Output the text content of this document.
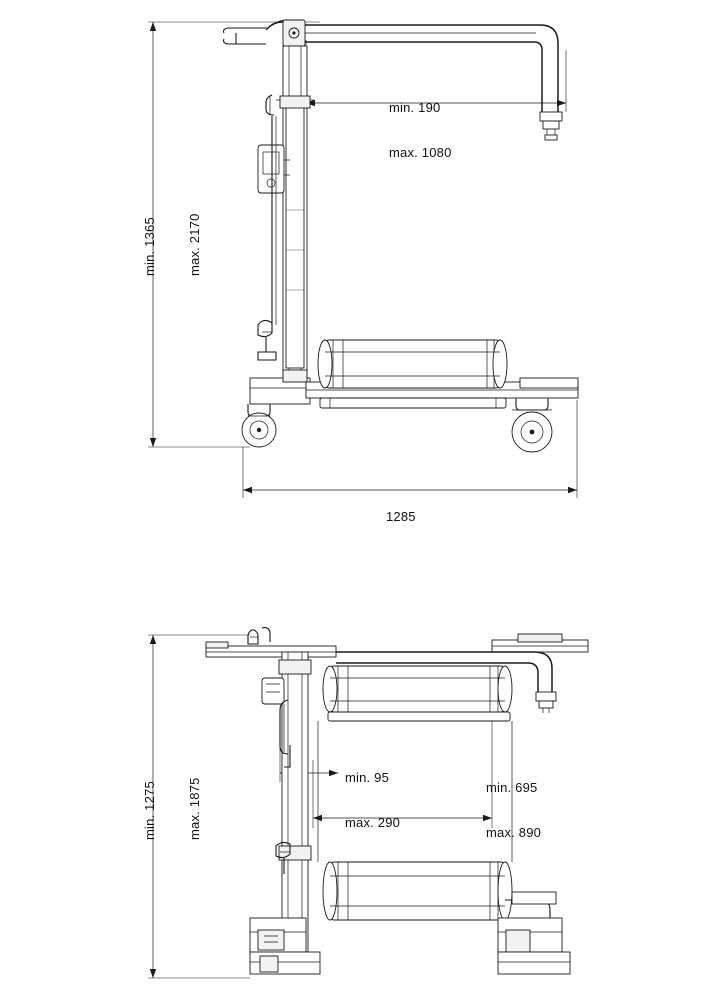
min. 1365

max. 2170

min. 190

max. 1080

1285

min. 1275

max. 1875

	min. 95

max. 290

min. 695

max. 890
